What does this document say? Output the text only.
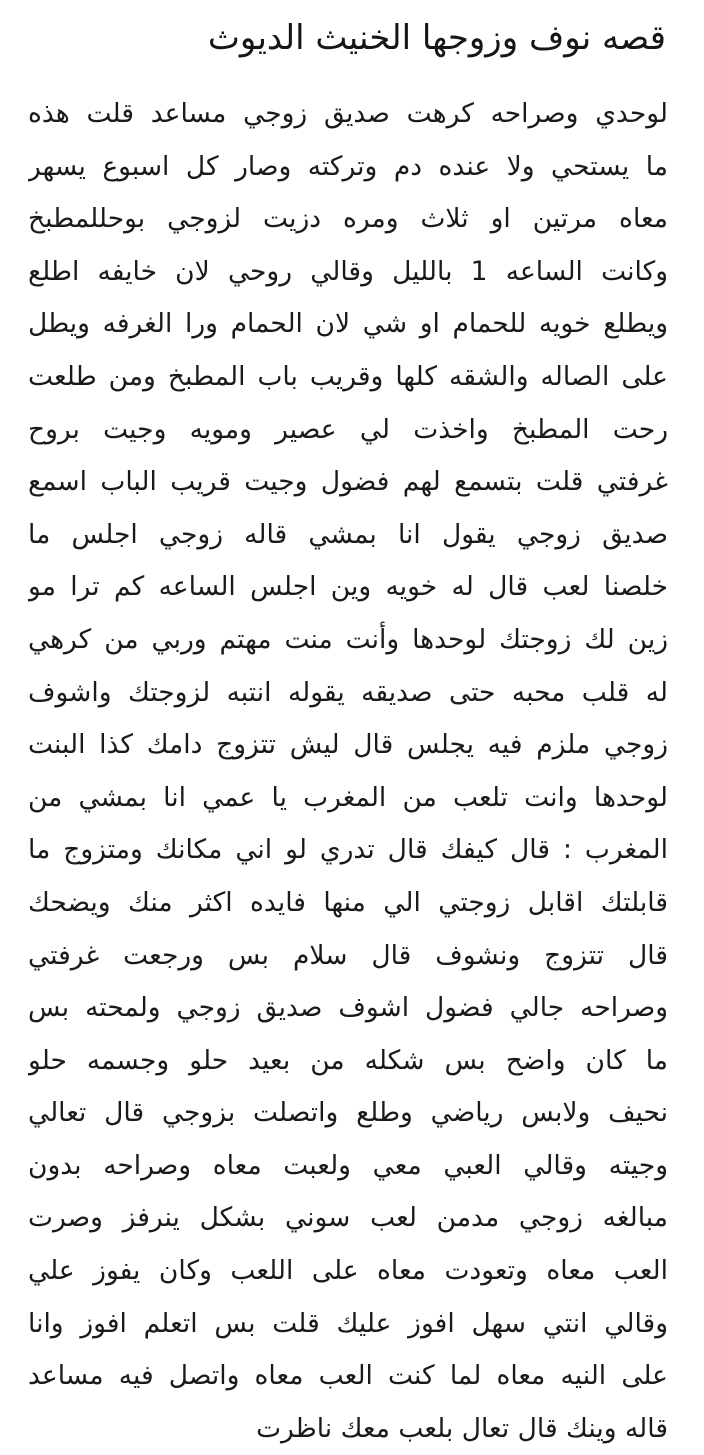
قصه نوف وزوجها الخنيث الديوث
لوحدي وصراحه كرهت صديق زوجي مساعد قلت هذه
ما يستحي ولا عنده دم وتركته وصار كل اسبوع يسهر
معاه مرتين او ثلاث ومره دزيت لزوجي بوحللمطبخ
وكانت الساعه 1 بالليل وقالي روحي لان خايفه اطلع
ويطلع خويه للحمام او شي لان الحمام ورا الغرفه ويطل
على الصاله والشقه كلها وقريب باب المطبخ ومن طلعت
رحت المطبخ واخذت لي عصير ومويه وجيت بروح
غرفتي قلت بتسمع لهم فضول وجيت قريب الباب اسمع
صديق زوجي يقول انا بمشي قاله زوجي اجلس ما
خلصنا لعب قال له خويه وين اجلس الساعه كم ترا مو
زين لك زوجتك لوحدها وأنت منت مهتم وربي من كرهي
له قلب محبه حتى صديقه يقوله انتبه لزوجتك واشوف
زوجي ملزم فيه يجلس قال ليش تتزوج دامك كذا البنت
لوحدها وانت تلعب من المغرب يا عمي انا بمشي من
المغرب : قال كيفك قال تدري لو اني مكانك ومتزوج ما
قابلتك اقابل زوجتي الي منها فايده اكثر منك ويضحك
قال تتزوج ونشوف قال سلام بس ورجعت غرفتي
وصراحه جالي فضول اشوف صديق زوجي ولمحته بس
ما كان واضح بس شكله من بعيد حلو وجسمه حلو
نحيف ولابس رياضي وطلع واتصلت بزوجي قال تعالي
وجيته وقالي العبي معي ولعبت معاه وصراحه بدون
مبالغه زوجي مدمن لعب سوني بشكل ينرفز وصرت
العب معاه وتعودت معاه على اللعب وكان يفوز علي
وقالي انتي سهل افوز عليك قلت بس اتعلم افوز وانا
على النيه معاه لما كنت العب معاه واتصل فيه مساعد
قاله وينك قال تعال بلعب معك ناظرت
